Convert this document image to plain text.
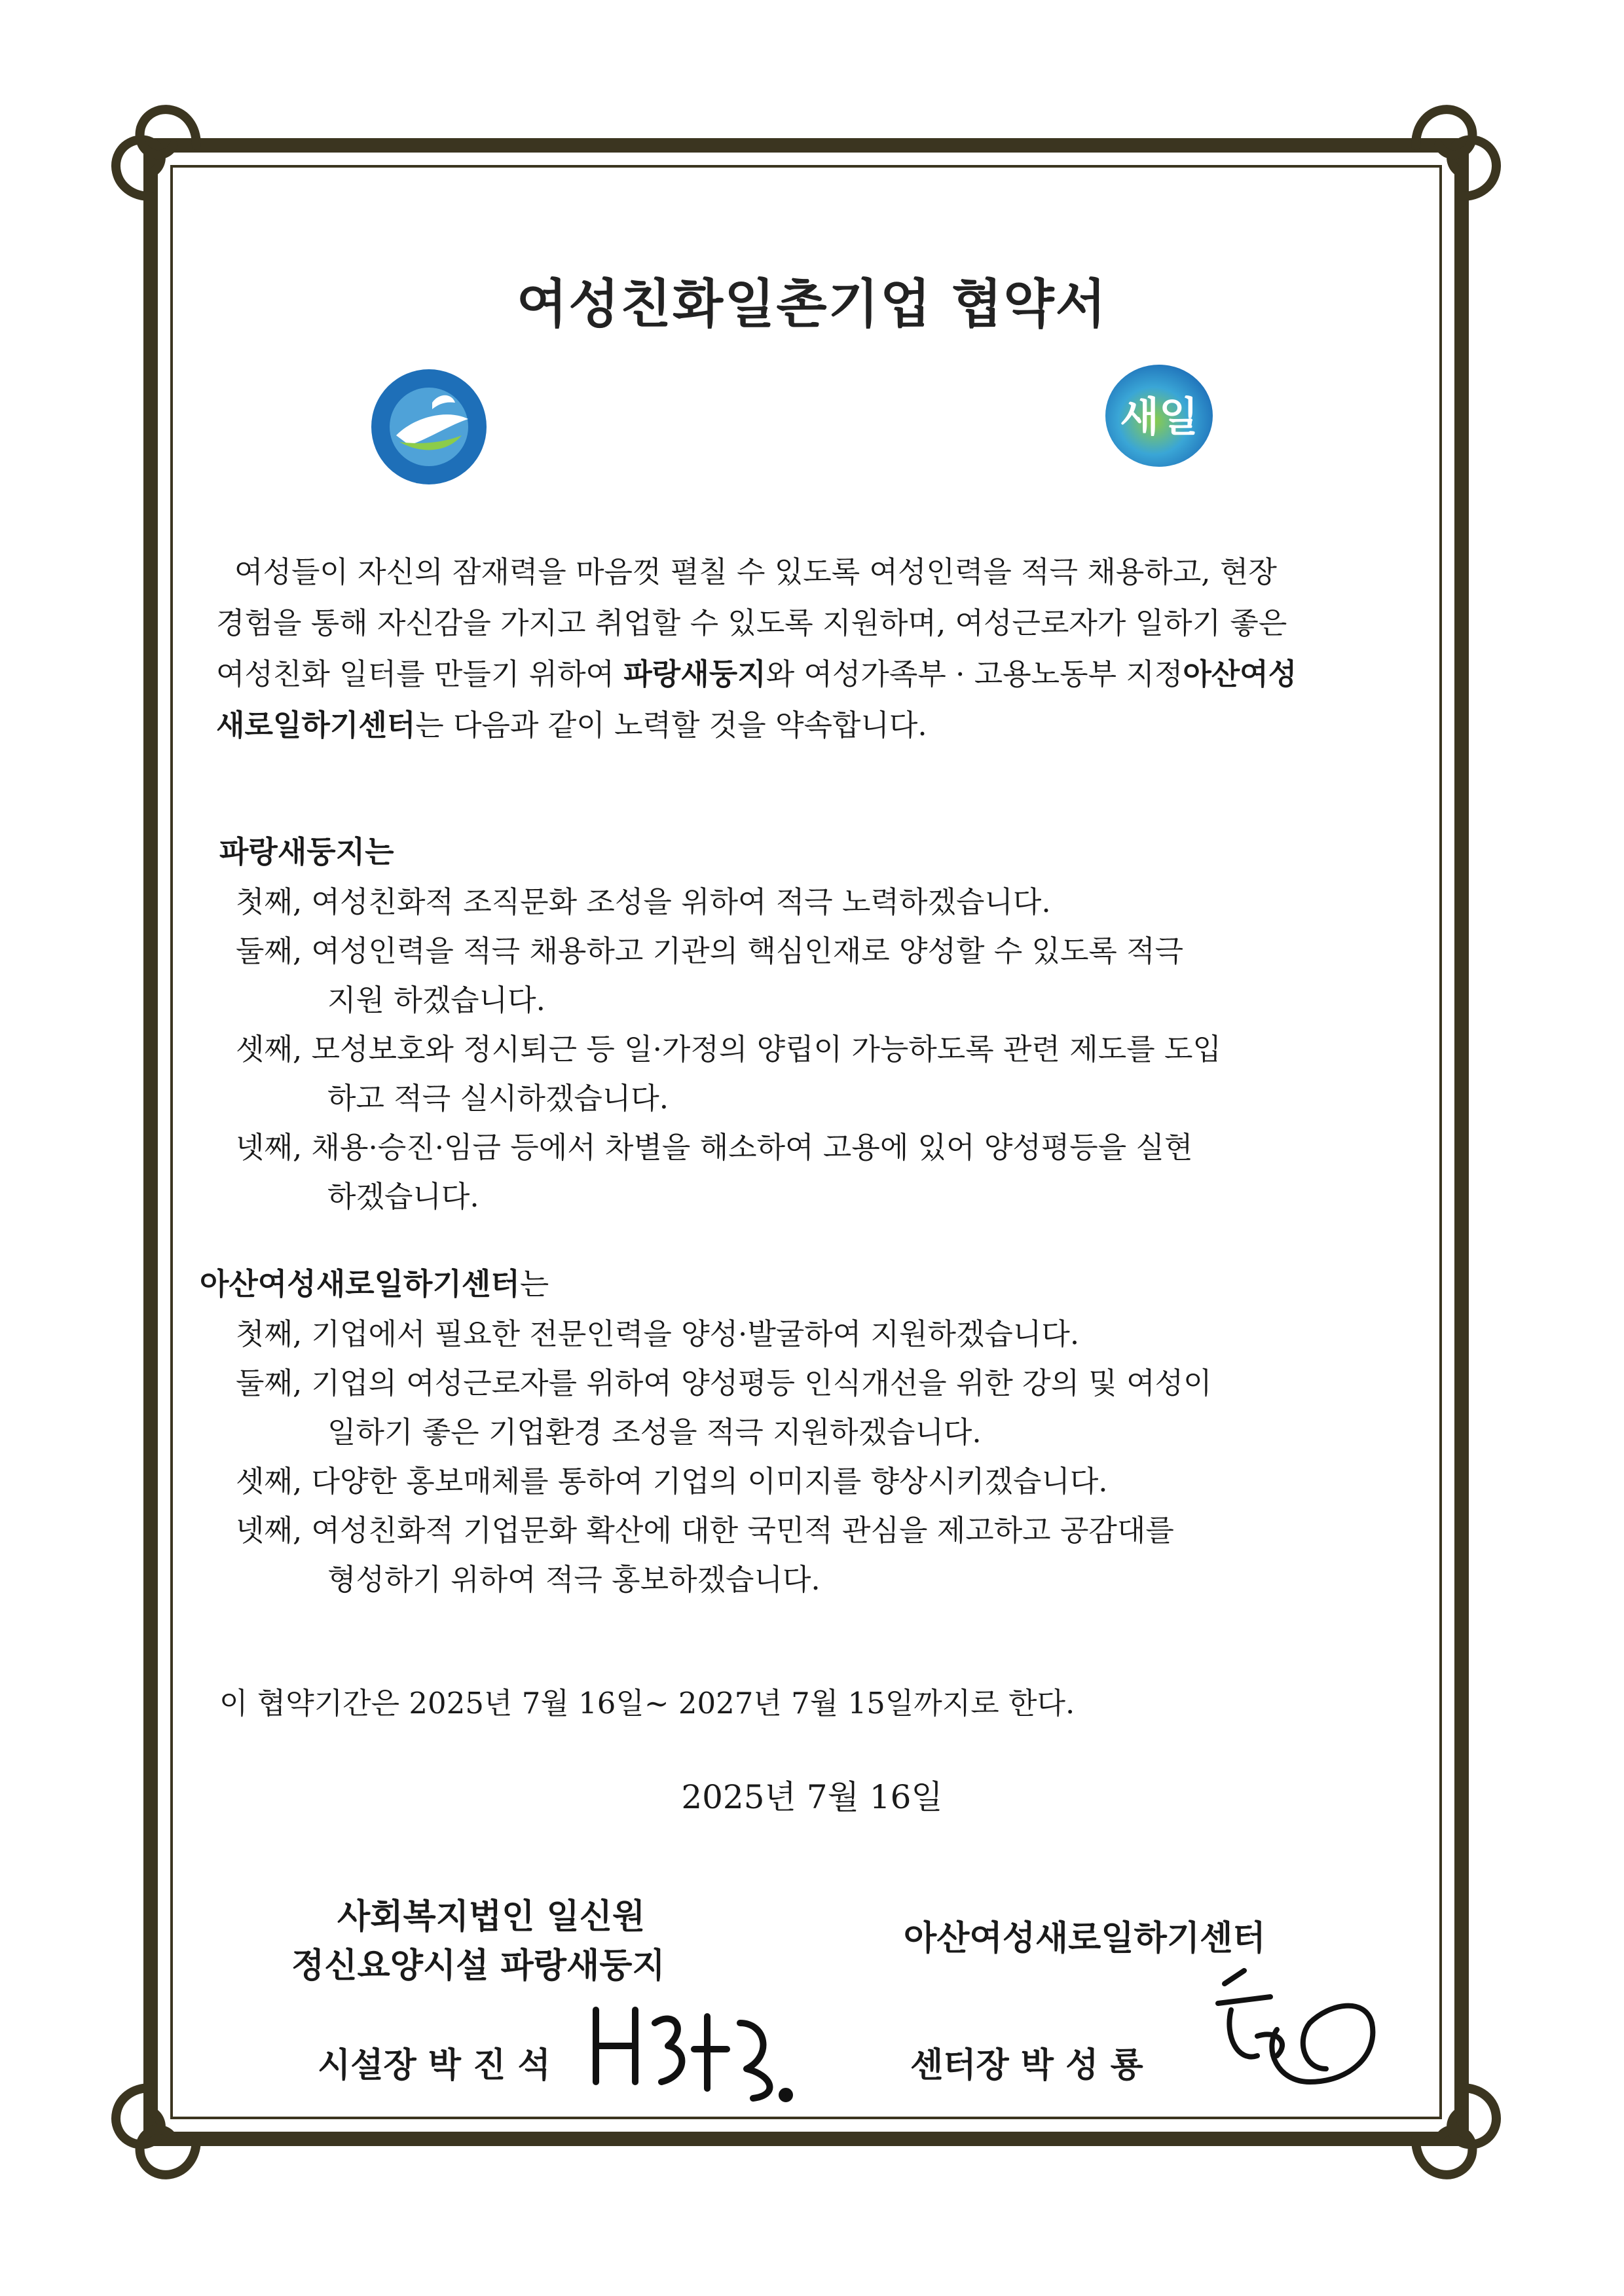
여성친화일촌기업 협약서
새일

여성들이 자신의 잠재력을 마음껏 펼칠 수 있도록 여성인력을 적극 채용하고, 현장

경험을 통해 자신감을 가지고 취업할 수 있도록 지원하며, 여성근로자가 일하기 좋은

여성친화 일터를 만들기 위하여 파랑새둥지와 여성가족부 · 고용노동부 지정아산여성

새로일하기센터는 다음과 같이 노력할 것을 약속합니다.

파랑새둥지는
첫째, 여성친화적 조직문화 조성을 위하여 적극 노력하겠습니다.
둘째, 여성인력을 적극 채용하고 기관의 핵심인재로 양성할 수 있도록 적극
지원 하겠습니다.
셋째, 모성보호와 정시퇴근 등 일·가정의 양립이 가능하도록 관련 제도를 도입
하고 적극 실시하겠습니다.
넷째, 채용·승진·임금 등에서 차별을 해소하여 고용에 있어 양성평등을 실현
하겠습니다.
아산여성새로일하기센터는
첫째, 기업에서 필요한 전문인력을 양성·발굴하여 지원하겠습니다.
둘째, 기업의 여성근로자를 위하여 양성평등 인식개선을 위한 강의 및 여성이
일하기 좋은 기업환경 조성을 적극 지원하겠습니다.
셋째, 다양한 홍보매체를 통하여 기업의 이미지를 향상시키겠습니다.
넷째, 여성친화적 기업문화 확산에 대한 국민적 관심을 제고하고 공감대를
형성하기 위하여 적극 홍보하겠습니다.
이 협약기간은 2025년 7월 16일~ 2027년 7월 15일까지로 한다.
2025년 7월 16일
사회복지법인 일신원
정신요양시설 파랑새둥지
시설장 박 진 석
아산여성새로일하기센터
센터장 박 성 룡
